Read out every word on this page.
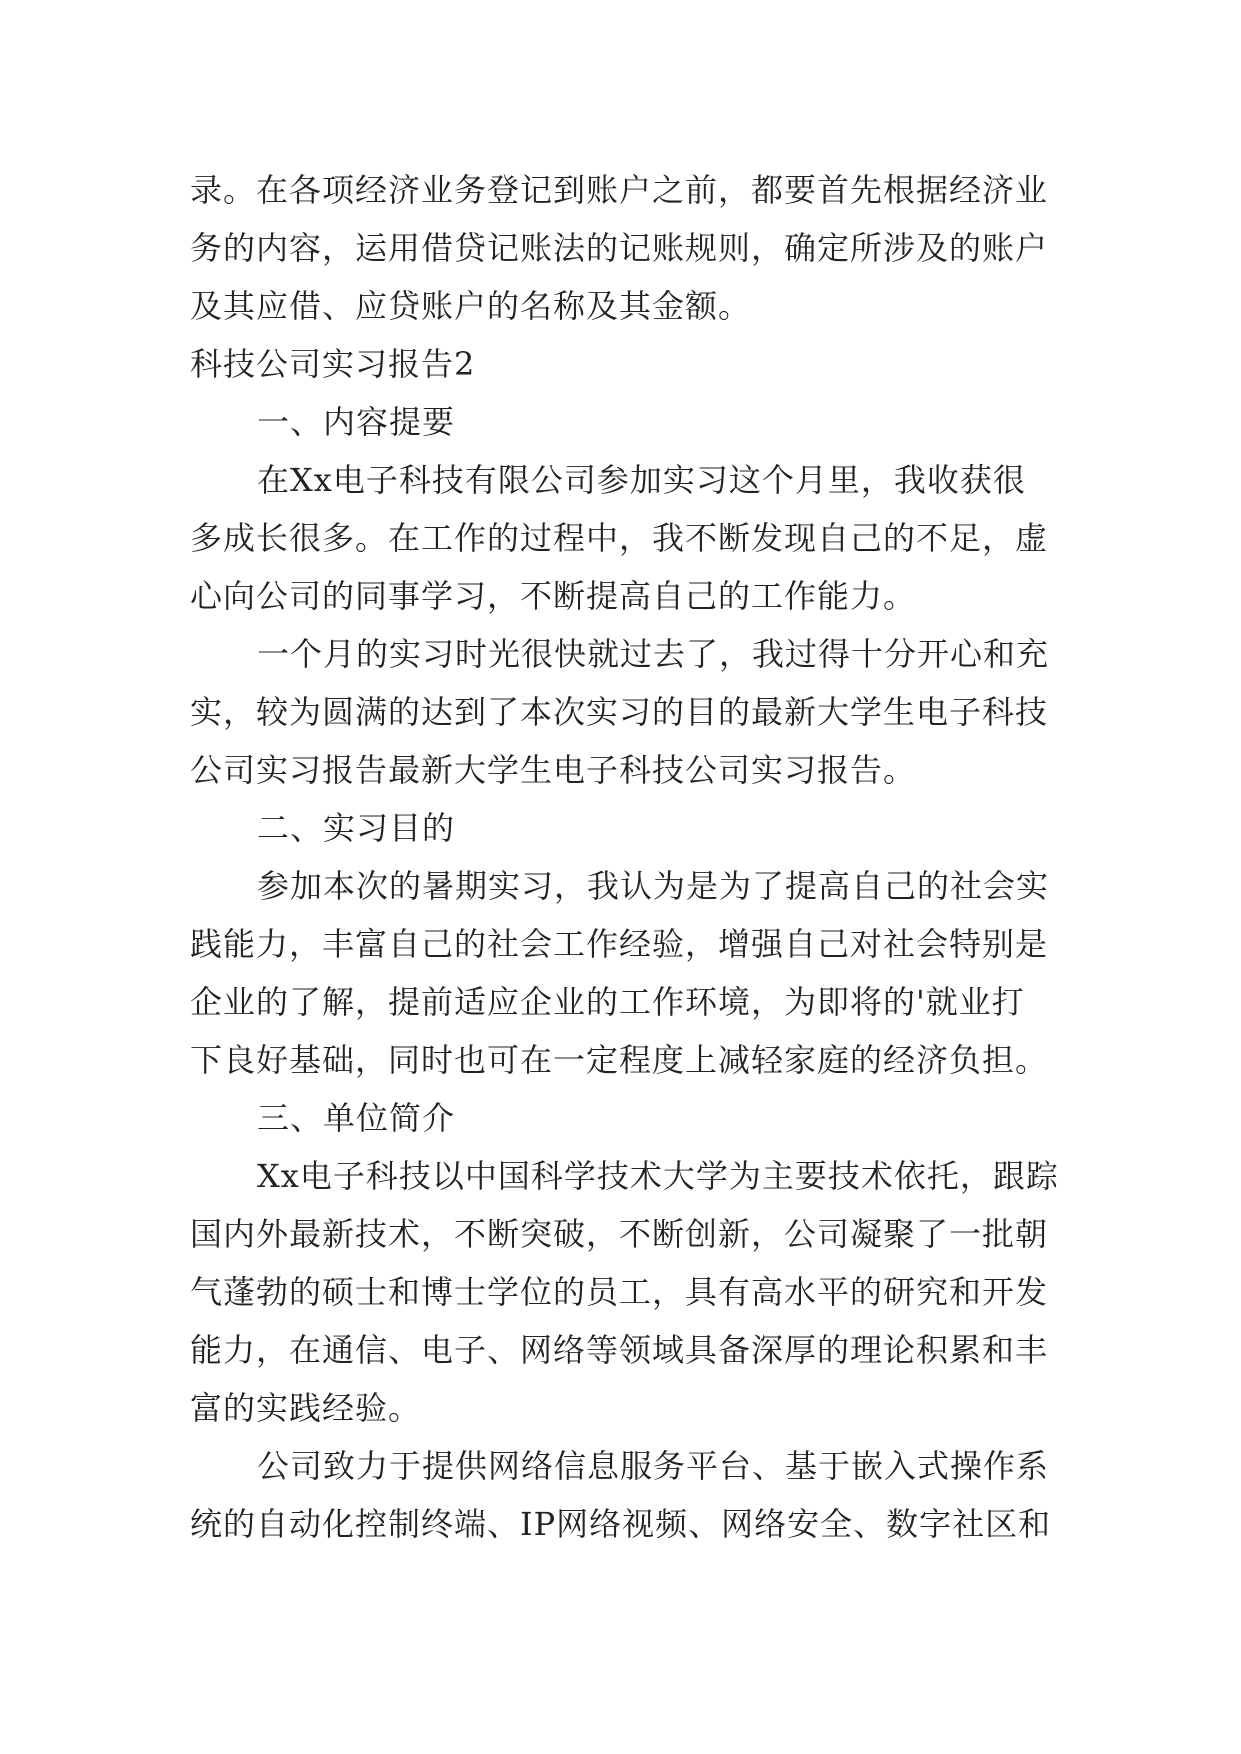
录。在各项经济业务登记到账户之前，都要首先根据经济业
务的内容，运用借贷记账法的记账规则，确定所涉及的账户
及其应借、应贷账户的名称及其金额。
科技公司实习报告2
一、内容提要
在Xx电子科技有限公司参加实习这个月里，我收获很
多成长很多。在工作的过程中，我不断发现自己的不足，虚
心向公司的同事学习，不断提高自己的工作能力。
一个月的实习时光很快就过去了，我过得十分开心和充
实，较为圆满的达到了本次实习的目的最新大学生电子科技
公司实习报告最新大学生电子科技公司实习报告。
二、实习目的
参加本次的暑期实习，我认为是为了提高自己的社会实
践能力，丰富自己的社会工作经验，增强自己对社会特别是
企业的了解，提前适应企业的工作环境，为即将的'就业打
下良好基础，同时也可在一定程度上减轻家庭的经济负担。
三、单位简介
Xx电子科技以中国科学技术大学为主要技术依托，跟踪
国内外最新技术，不断突破，不断创新，公司凝聚了一批朝
气蓬勃的硕士和博士学位的员工，具有高水平的研究和开发
能力，在通信、电子、网络等领域具备深厚的理论积累和丰
富的实践经验。
公司致力于提供网络信息服务平台、基于嵌入式操作系
统的自动化控制终端、IP网络视频、网络安全、数字社区和
